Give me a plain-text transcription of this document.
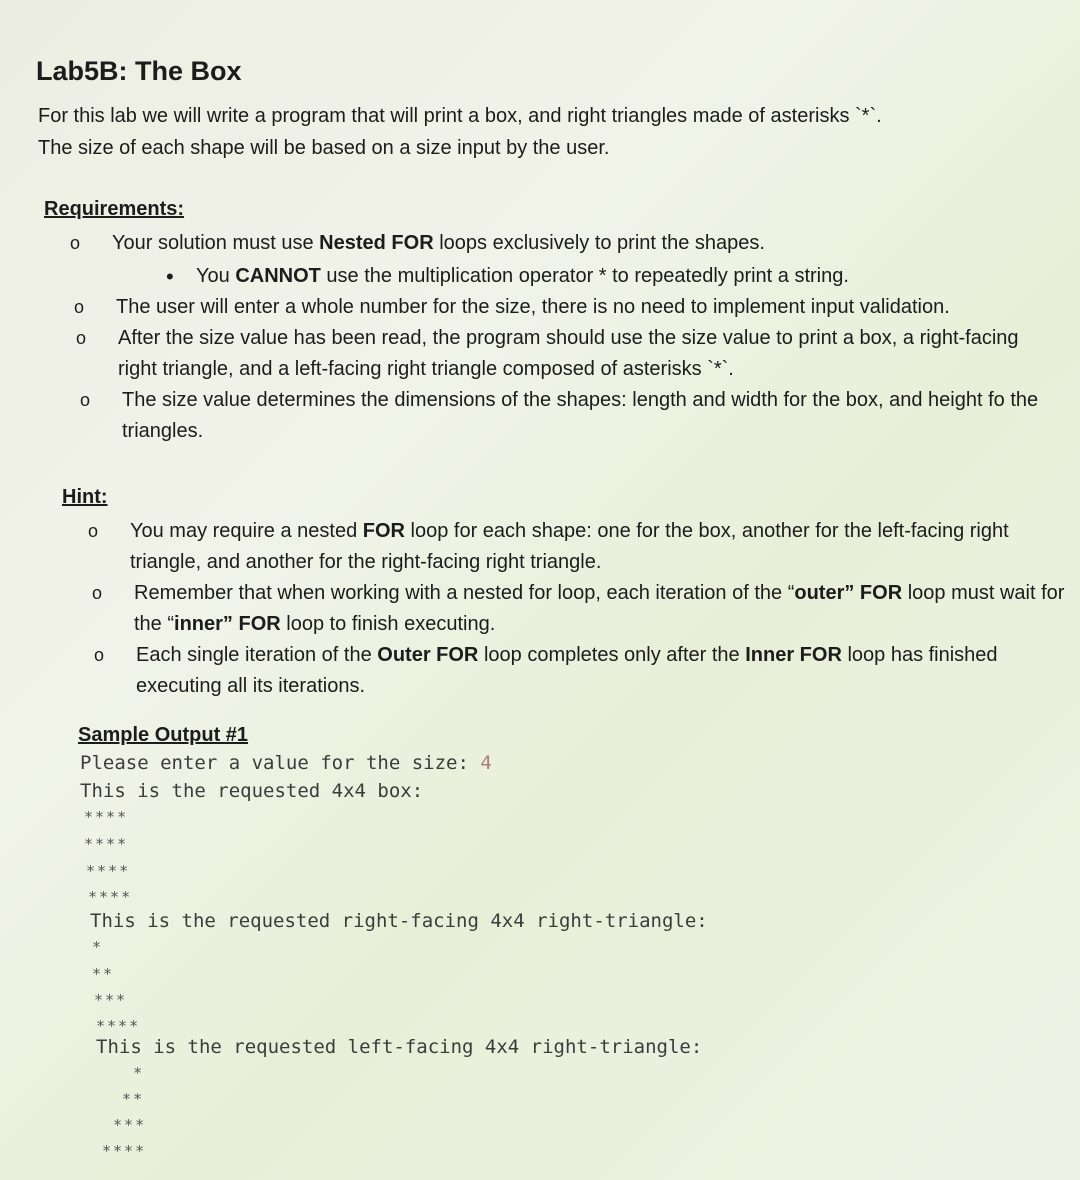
Lab5B: The Box
For this lab we will write a program that will print a box, and right triangles made of asterisks `*`.
The size of each shape will be based on a size input by the user.
Requirements:
o Your solution must use Nested FOR loops exclusively to print the shapes.
• You CANNOT use the multiplication operator * to repeatedly print a string.
o The user will enter a whole number for the size, there is no need to implement input validation.
o After the size value has been read, the program should use the size value to print a box, a right-facing right triangle, and a left-facing right triangle composed of asterisks `*`.
o The size value determines the dimensions of the shapes: length and width for the box, and height fo the triangles.
Hint:
o You may require a nested FOR loop for each shape: one for the box, another for the left-facing right triangle, and another for the right-facing right triangle.
o Remember that when working with a nested for loop, each iteration of the “outer” FOR loop must wait for the “inner” FOR loop to finish executing.
o Each single iteration of the Outer FOR loop completes only after the Inner FOR loop has finished executing all its iterations.
Sample Output #1
Please enter a value for the size: 4
This is the requested 4x4 box:
****
****
****
****
This is the requested right-facing 4x4 right-triangle:
*
**
***
****
This is the requested left-facing 4x4 right-triangle:
*
**
***
****
